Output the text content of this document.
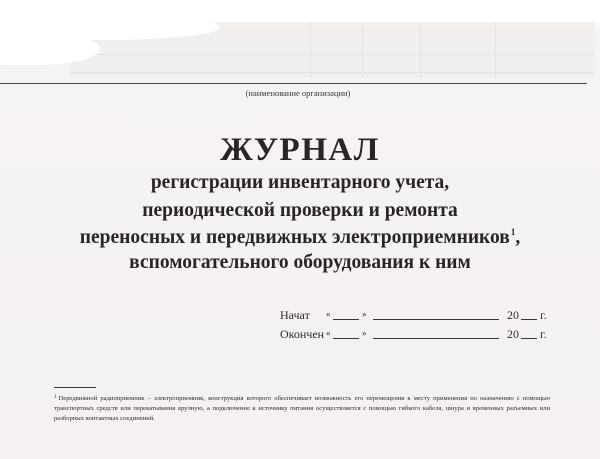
(наименование организации)
ЖУРНАЛ
регистрации инвентарного учета,
периодической проверки и ремонта
переносных и передвижных электроприемников$^1$,
вспомогательного оборудования к ним
Начат «	»	20 г.
Окончен «	»	20 г.
$^1$ Передвижной радиоприемник – электроприемник, конструкция которого обеспечивает возможность его перемещения к месту применения по назначению с помощью транспортных средств или перекатывания вручную, а подключение к источнику питания осуществляется с помощью гибкого кабеля, шнура и временных разъемных или разборных контактных соединений.
